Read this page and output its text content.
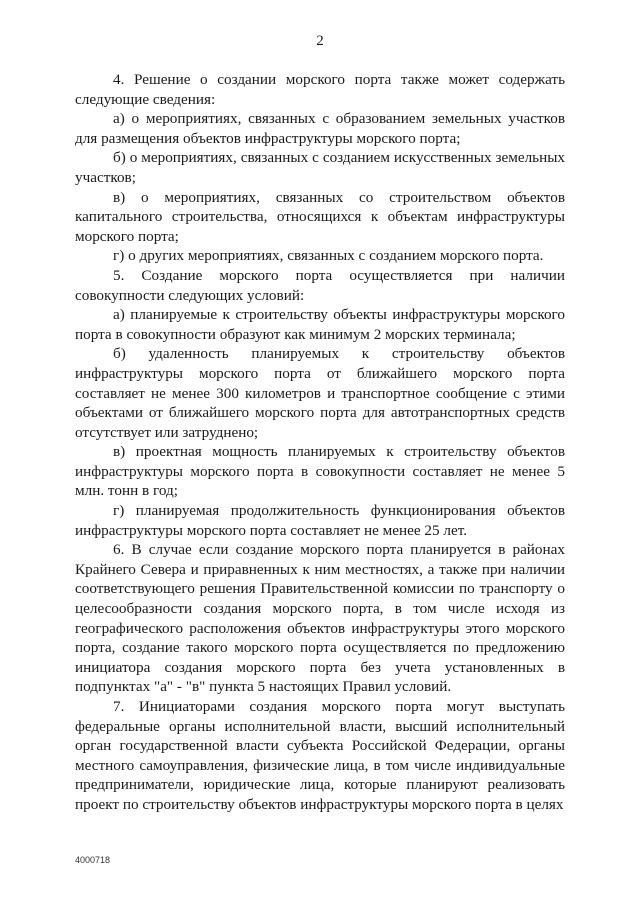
2

4. Решение о создании морского порта также может содержать следующие сведения:

а) о мероприятиях, связанных с образованием земельных участков для размещения объектов инфраструктуры морского порта;

б) о мероприятиях, связанных с созданием искусственных земельных участков;

в) о мероприятиях, связанных со строительством объектов капитального строительства, относящихся к объектам инфраструктуры морского порта;

г) о других мероприятиях, связанных с созданием морского порта.

5. Создание морского порта осуществляется при наличии совокупности следующих условий:

а) планируемые к строительству объекты инфраструктуры морского порта в совокупности образуют как минимум 2 морских терминала;

б) удаленность планируемых к строительству объектов инфраструктуры морского порта от ближайшего морского порта составляет не менее 300 километров и транспортное сообщение с этими объектами от ближайшего морского порта для автотранспортных средств отсутствует или затруднено;

в) проектная мощность планируемых к строительству объектов инфраструктуры морского порта в совокупности составляет не менее 5 млн. тонн в год;

г) планируемая продолжительность функционирования объектов инфраструктуры морского порта составляет не менее 25 лет.

6. В случае если создание морского порта планируется в районах Крайнего Севера и приравненных к ним местностях, а также при наличии соответствующего решения Правительственной комиссии по транспорту о целесообразности создания морского порта, в том числе исходя из географического расположения объектов инфраструктуры этого морского порта, создание такого морского порта осуществляется по предложению инициатора создания морского порта без учета установленных в подпунктах "а" - "в" пункта 5 настоящих Правил условий.

7. Инициаторами создания морского порта могут выступать федеральные органы исполнительной власти, высший исполнительный орган государственной власти субъекта Российской Федерации, органы местного самоуправления, физические лица, в том числе индивидуальные предприниматели, юридические лица, которые планируют реализовать проект по строительству объектов инфраструктуры морского порта в целях

4000718
